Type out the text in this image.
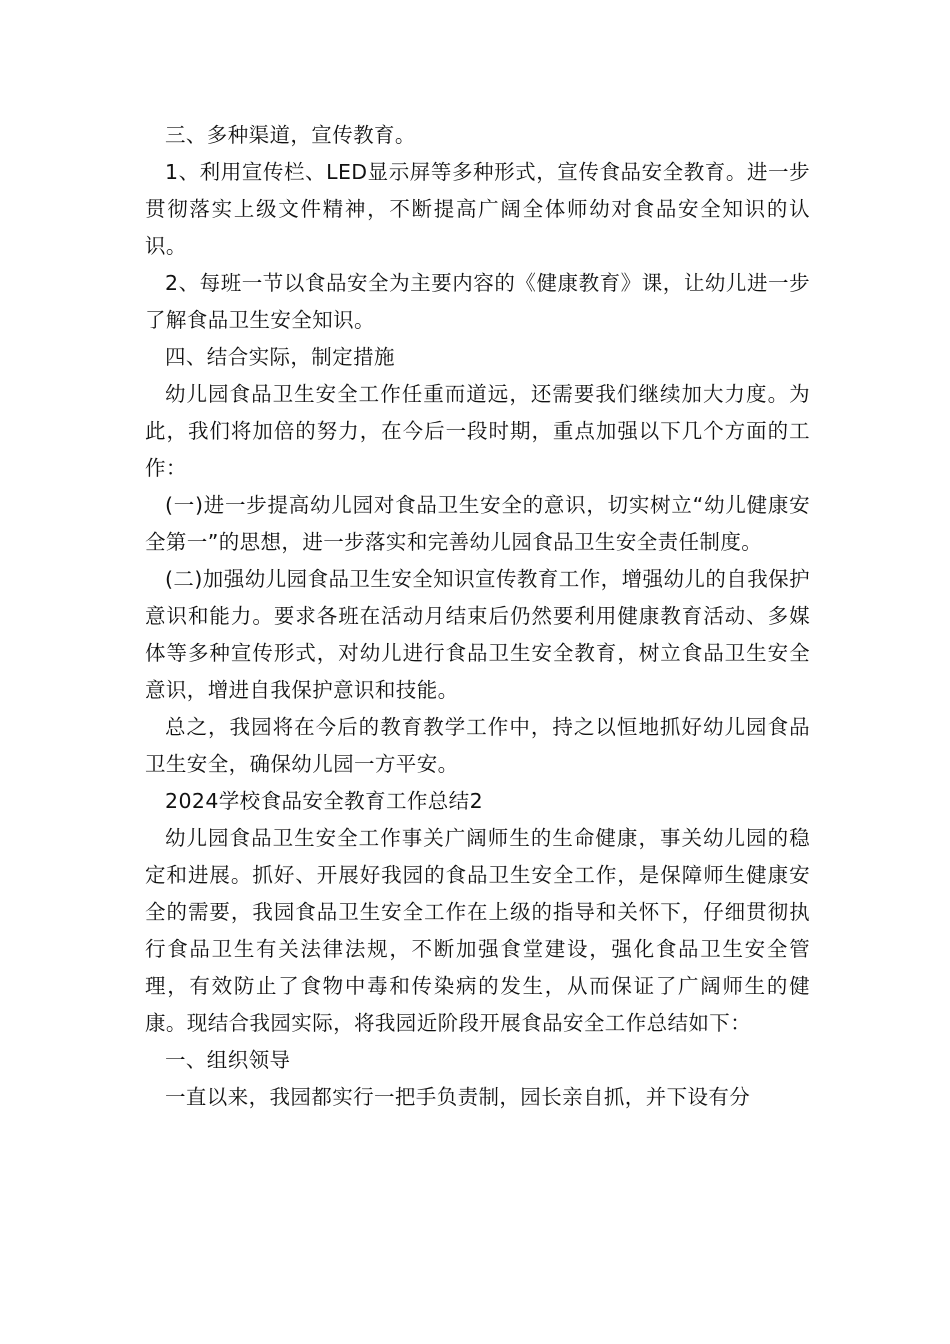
三、多种渠道，宣传教育。

1、利用宣传栏、LED显示屏等多种形式，宣传食品安全教育。进一步贯彻落实上级文件精神，不断提高广阔全体师幼对食品安全知识的认识。

2、每班一节以食品安全为主要内容的《健康教育》课，让幼儿进一步了解食品卫生安全知识。

四、结合实际，制定措施

幼儿园食品卫生安全工作任重而道远，还需要我们继续加大力度。为此，我们将加倍的努力，在今后一段时期，重点加强以下几个方面的工作：

(一)进一步提高幼儿园对食品卫生安全的意识，切实树立“幼儿健康安全第一”的思想，进一步落实和完善幼儿园食品卫生安全责任制度。

(二)加强幼儿园食品卫生安全知识宣传教育工作，增强幼儿的自我保护意识和能力。要求各班在活动月结束后仍然要利用健康教育活动、多媒体等多种宣传形式，对幼儿进行食品卫生安全教育，树立食品卫生安全意识，增进自我保护意识和技能。

总之，我园将在今后的教育教学工作中，持之以恒地抓好幼儿园食品卫生安全，确保幼儿园一方平安。

2024学校食品安全教育工作总结2

幼儿园食品卫生安全工作事关广阔师生的生命健康，事关幼儿园的稳定和进展。抓好、开展好我园的食品卫生安全工作，是保障师生健康安全的需要，我园食品卫生安全工作在上级的指导和关怀下，仔细贯彻执行食品卫生有关法律法规，不断加强食堂建设，强化食品卫生安全管理，有效防止了食物中毒和传染病的发生，从而保证了广阔师生的健康。现结合我园实际，将我园近阶段开展食品安全工作总结如下：

一、组织领导

一直以来，我园都实行一把手负责制，园长亲自抓，并下设有分
